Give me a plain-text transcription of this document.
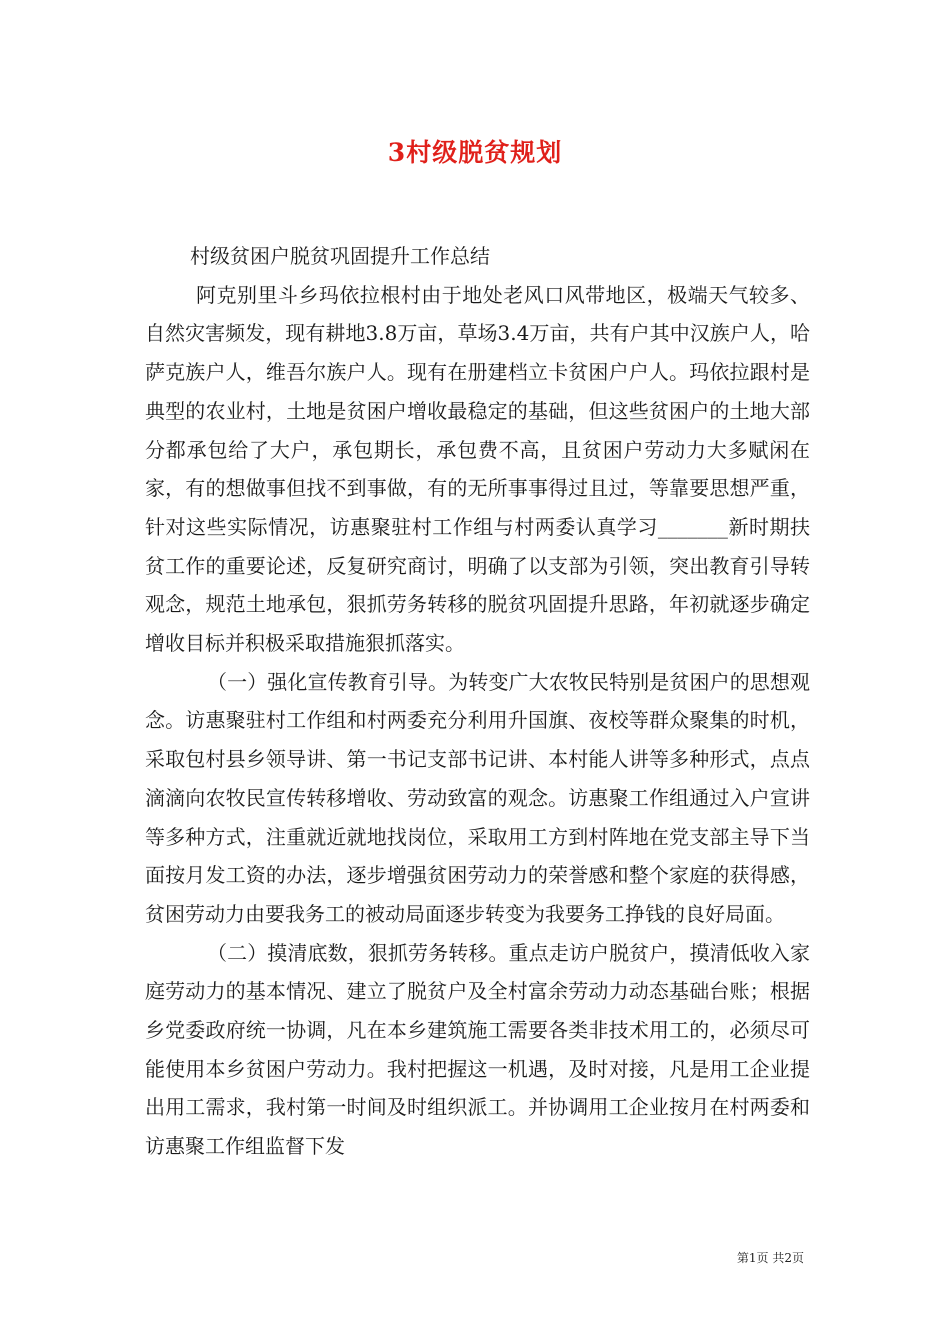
3村级脱贫规划

村级贫困户脱贫巩固提升工作总结

阿克别里斗乡玛依拉根村由于地处老风口风带地区，极端天气较多、自然灾害频发，现有耕地3.8万亩，草场3.4万亩，共有户其中汉族户人，哈萨克族户人，维吾尔族户人。现有在册建档立卡贫困户户人。玛依拉跟村是典型的农业村，土地是贫困户增收最稳定的基础，但这些贫困户的土地大部分都承包给了大户，承包期长，承包费不高，且贫困户劳动力大多赋闲在家，有的想做事但找不到事做，有的无所事事得过且过，等靠要思想严重，针对这些实际情况，访惠聚驻村工作组与村两委认真学习_______新时期扶贫工作的重要论述，反复研究商讨，明确了以支部为引领，突出教育引导转观念，规范土地承包，狠抓劳务转移的脱贫巩固提升思路，年初就逐步确定增收目标并积极采取措施狠抓落实。

（一）强化宣传教育引导。为转变广大农牧民特别是贫困户的思想观念。访惠聚驻村工作组和村两委充分利用升国旗、夜校等群众聚集的时机，采取包村县乡领导讲、第一书记支部书记讲、本村能人讲等多种形式，点点滴滴向农牧民宣传转移增收、劳动致富的观念。访惠聚工作组通过入户宣讲等多种方式，注重就近就地找岗位，采取用工方到村阵地在党支部主导下当面按月发工资的办法，逐步增强贫困劳动力的荣誉感和整个家庭的获得感，贫困劳动力由要我务工的被动局面逐步转变为我要务工挣钱的良好局面。

（二）摸清底数，狠抓劳务转移。重点走访户脱贫户，摸清低收入家庭劳动力的基本情况、建立了脱贫户及全村富余劳动力动态基础台账；根据乡党委政府统一协调，凡在本乡建筑施工需要各类非技术用工的，必须尽可能使用本乡贫困户劳动力。我村把握这一机遇，及时对接，凡是用工企业提出用工需求，我村第一时间及时组织派工。并协调用工企业按月在村两委和访惠聚工作组监督下发

第1页 共2页
